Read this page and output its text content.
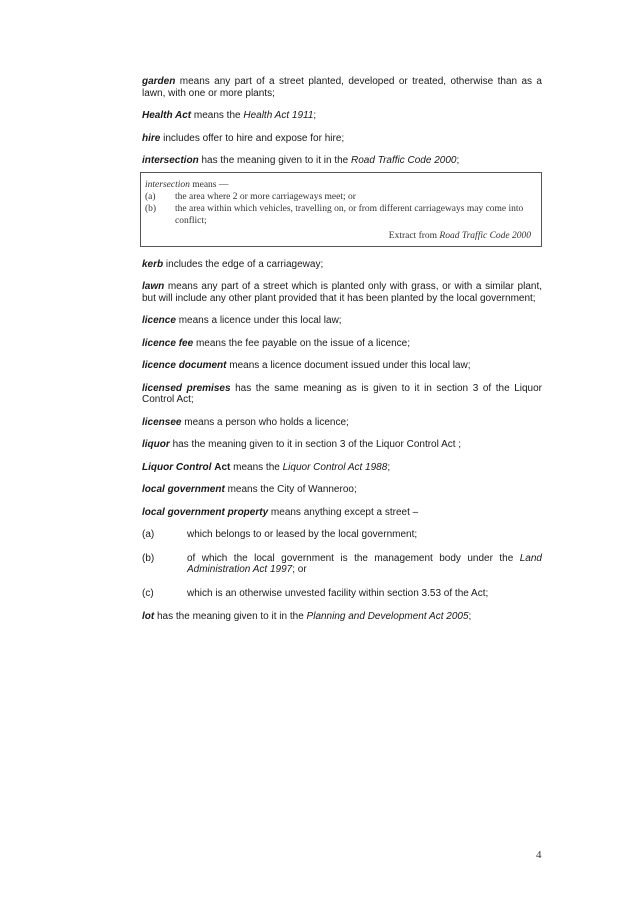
garden means any part of a street planted, developed or treated, otherwise than as a lawn, with one or more plants;

Health Act means the Health Act 1911;

hire includes offer to hire and expose for hire;

intersection has the meaning given to it in the Road Traffic Code 2000;

intersection means —
(a)	the area where 2 or more carriageways meet; or
(b)	the area within which vehicles, travelling on, or from different carriageways may come into conflict;
Extract from Road Traffic Code 2000

kerb includes the edge of a carriageway;

lawn means any part of a street which is planted only with grass, or with a similar plant, but will include any other plant provided that it has been planted by the local government;

licence means a licence under this local law;

licence fee means the fee payable on the issue of a licence;

licence document means a licence document issued under this local law;

licensed premises has the same meaning as is given to it in section 3 of the Liquor Control Act;

licensee means a person who holds a licence;

liquor has the meaning given to it in section 3 of the Liquor Control Act ;

Liquor Control Act means the Liquor Control Act 1988;

local government means the City of Wanneroo;

local government property means anything except a street –

(a)	which belongs to or leased by the local government;
(b)	of which the local government is the management body under the Land Administration Act 1997; or
(c)	which is an otherwise unvested facility within section 3.53 of the Act;

lot has the meaning given to it in the Planning and Development Act 2005;

4
